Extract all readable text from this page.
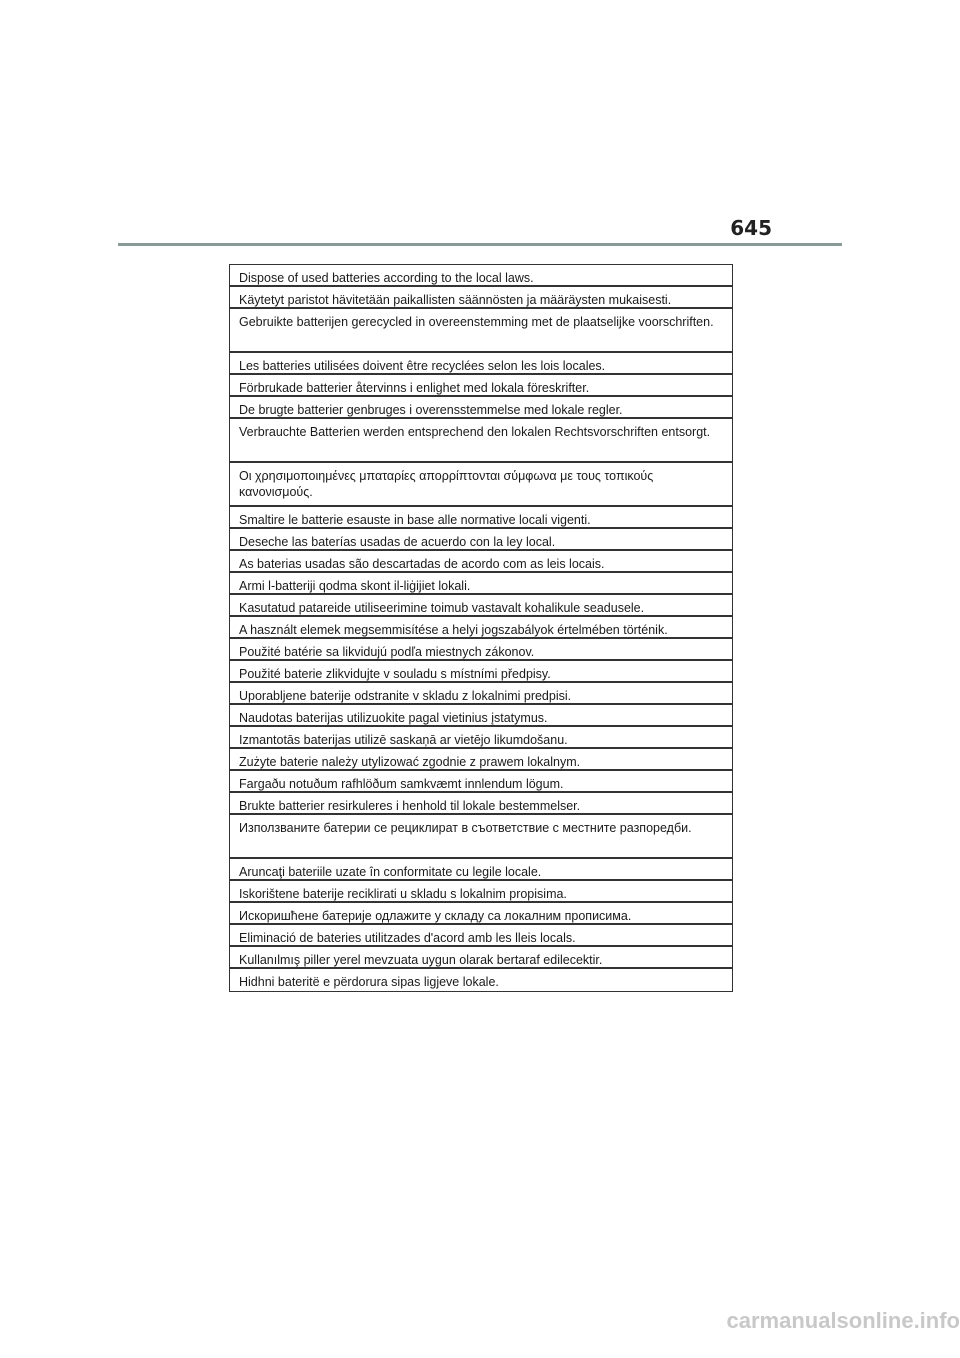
645
Dispose of used batteries according to the local laws.
Käytetyt paristot hävitetään paikallisten säännösten ja määräysten mukaisesti.
Gebruikte batterijen gerecycled in overeenstemming met de plaatselijke voorschriften.
Les batteries utilisées doivent être recyclées selon les lois locales.
Förbrukade batterier återvinns i enlighet med lokala föreskrifter.
De brugte batterier genbruges i overensstemmelse med lokale regler.
Verbrauchte Batterien werden entsprechend den lokalen Rechtsvorschriften entsorgt.
Οι χρησιμοποιημένες μπαταρίες απορρίπτονται σύμφωνα με τους τοπικούς κανονισμούς.
Smaltire le batterie esauste in base alle normative locali vigenti.
Deseche las baterías usadas de acuerdo con la ley local.
As baterias usadas são descartadas de acordo com as leis locais.
Armi l-batteriji qodma skont il-liġijiet lokali.
Kasutatud patareide utiliseerimine toimub vastavalt kohalikule seadusele.
A használt elemek megsemmisítése a helyi jogszabályok értelmében történik.
Použité batérie sa likvidujú podľa miestnych zákonov.
Použité baterie zlikvidujte v souladu s místními předpisy.
Uporabljene baterije odstranite v skladu z lokalnimi predpisi.
Naudotas baterijas utilizuokite pagal vietinius įstatymus.
Izmantotās baterijas utilizē saskaņā ar vietējo likumdošanu.
Zużyte baterie należy utylizować zgodnie z prawem lokalnym.
Fargaðu notuðum rafhlöðum samkvæmt innlendum lögum.
Brukte batterier resirkuleres i henhold til lokale bestemmelser.
Използваните батерии се рециклират в съответствие с местните разпоредби.
Aruncaţi bateriile uzate în conformitate cu legile locale.
Iskorištene baterije reciklirati u skladu s lokalnim propisima.
Искоришћене батерије одлажите у складу са локалним прописима.
Eliminació de bateries utilitzades d'acord amb les lleis locals.
Kullanılmış piller yerel mevzuata uygun olarak bertaraf edilecektir.
Hidhni bateritë e përdorura sipas ligjeve lokale.
carmanualsonline.info
